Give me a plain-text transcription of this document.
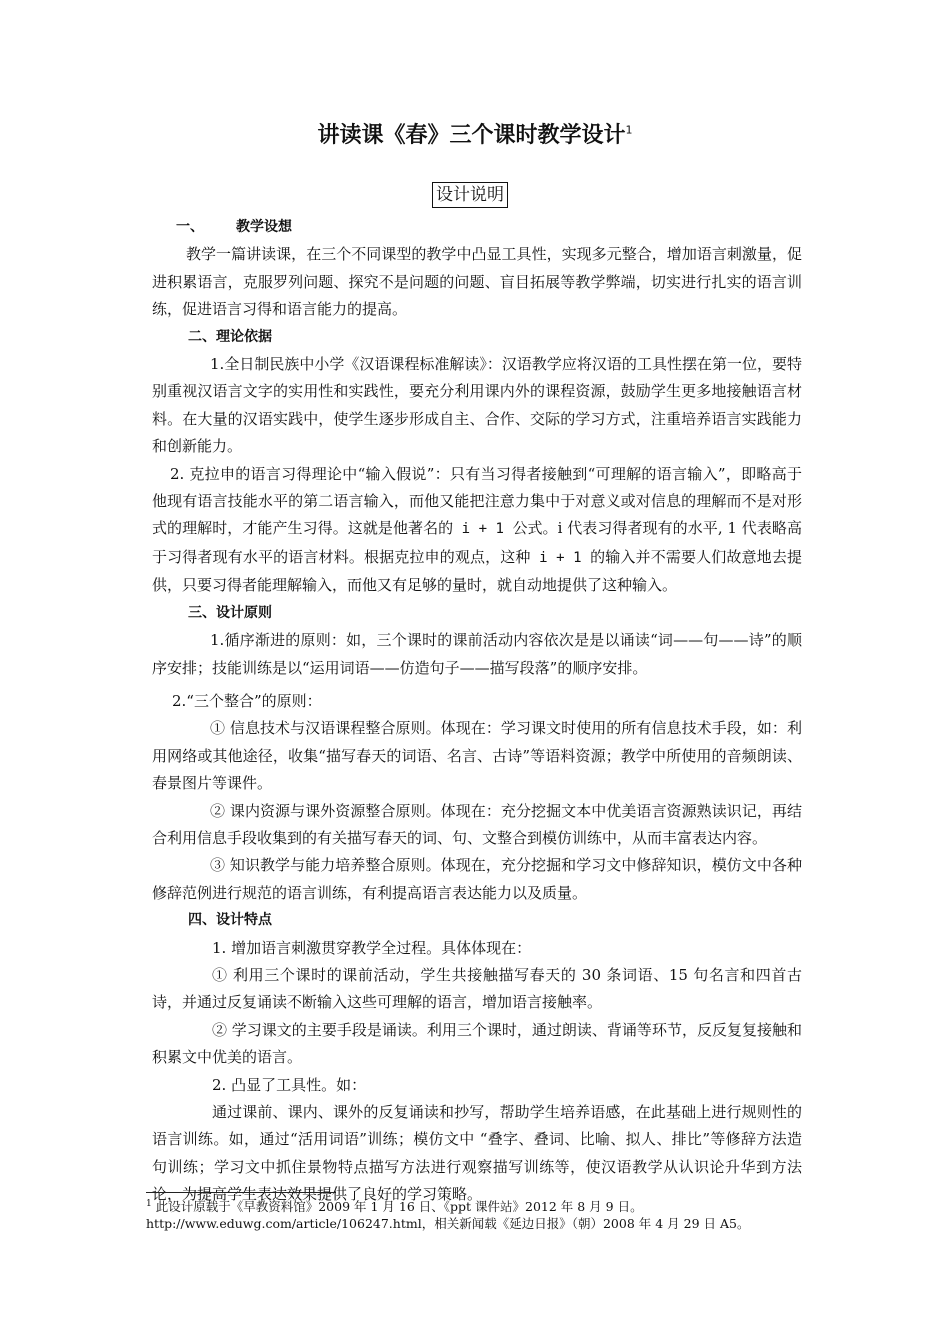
讲读课《春》三个课时教学设计$^1$
设计说明

一、 教学设想

教学一篇讲读课，在三个不同课型的教学中凸显工具性，实现多元整合，增加语言刺激量，促进积累语言，克服罗列问题、探究不是问题的问题、盲目拓展等教学弊端，切实进行扎实的语言训练，促进语言习得和语言能力的提高。

二、理论依据

1.全日制民族中小学《汉语课程标准解读》：汉语教学应将汉语的工具性摆在第一位，要特别重视汉语言文字的实用性和实践性，要充分利用课内外的课程资源，鼓励学生更多地接触语言材料。在大量的汉语实践中，使学生逐步形成自主、合作、交际的学习方式，注重培养语言实践能力和创新能力。

2. 克拉申的语言习得理论中“输入假说”：只有当习得者接触到“可理解的语言输入”，即略高于他现有语言技能水平的第二语言输入，而他又能把注意力集中于对意义或对信息的理解而不是对形式的理解时，才能产生习得。这就是他著名的 i + 1 公式。i 代表习得者现有的水平, 1 代表略高于习得者现有水平的语言材料。根据克拉申的观点，这种 i + 1 的输入并不需要人们故意地去提供，只要习得者能理解输入，而他又有足够的量时，就自动地提供了这种输入。

三、设计原则

1.循序渐进的原则：如，三个课时的课前活动内容依次是是以诵读“词——句——诗”的顺序安排；技能训练是以“运用词语——仿造句子——描写段落”的顺序安排。

2.“三个整合”的原则：

① 信息技术与汉语课程整合原则。体现在：学习课文时使用的所有信息技术手段，如：利用网络或其他途径，收集“描写春天的词语、名言、古诗”等语料资源；教学中所使用的音频朗读、春景图片等课件。

② 课内资源与课外资源整合原则。体现在：充分挖掘文本中优美语言资源熟读识记，再结合利用信息手段收集到的有关描写春天的词、句、文整合到模仿训练中，从而丰富表达内容。

③ 知识教学与能力培养整合原则。体现在，充分挖掘和学习文中修辞知识，模仿文中各种修辞范例进行规范的语言训练，有利提高语言表达能力以及质量。

四、设计特点

1. 增加语言刺激贯穿教学全过程。具体体现在：

① 利用三个课时的课前活动，学生共接触描写春天的 30 条词语、15 句名言和四首古诗，并通过反复诵读不断输入这些可理解的语言，增加语言接触率。

② 学习课文的主要手段是诵读。利用三个课时，通过朗读、背诵等环节，反反复复接触和积累文中优美的语言。

2. 凸显了工具性。如：

通过课前、课内、课外的反复诵读和抄写，帮助学生培养语感，在此基础上进行规则性的语言训练。如，通过“活用词语”训练；模仿文中 “叠字、叠词、比喻、拟人、排比”等修辞方法造句训练；学习文中抓住景物特点描写方法进行观察描写训练等，使汉语教学从认识论升华到方法论，为提高学生表达效果提供了良好的学习策略。

$^1$ 此设计原载于《早教资料馆》2009 年 1 月 16 日、《ppt 课件站》2012 年 8 月 9 日。http://www.eduwg.com/article/106247.html，相关新闻载《延边日报》（朝）2008 年 4 月 29 日 A5。
